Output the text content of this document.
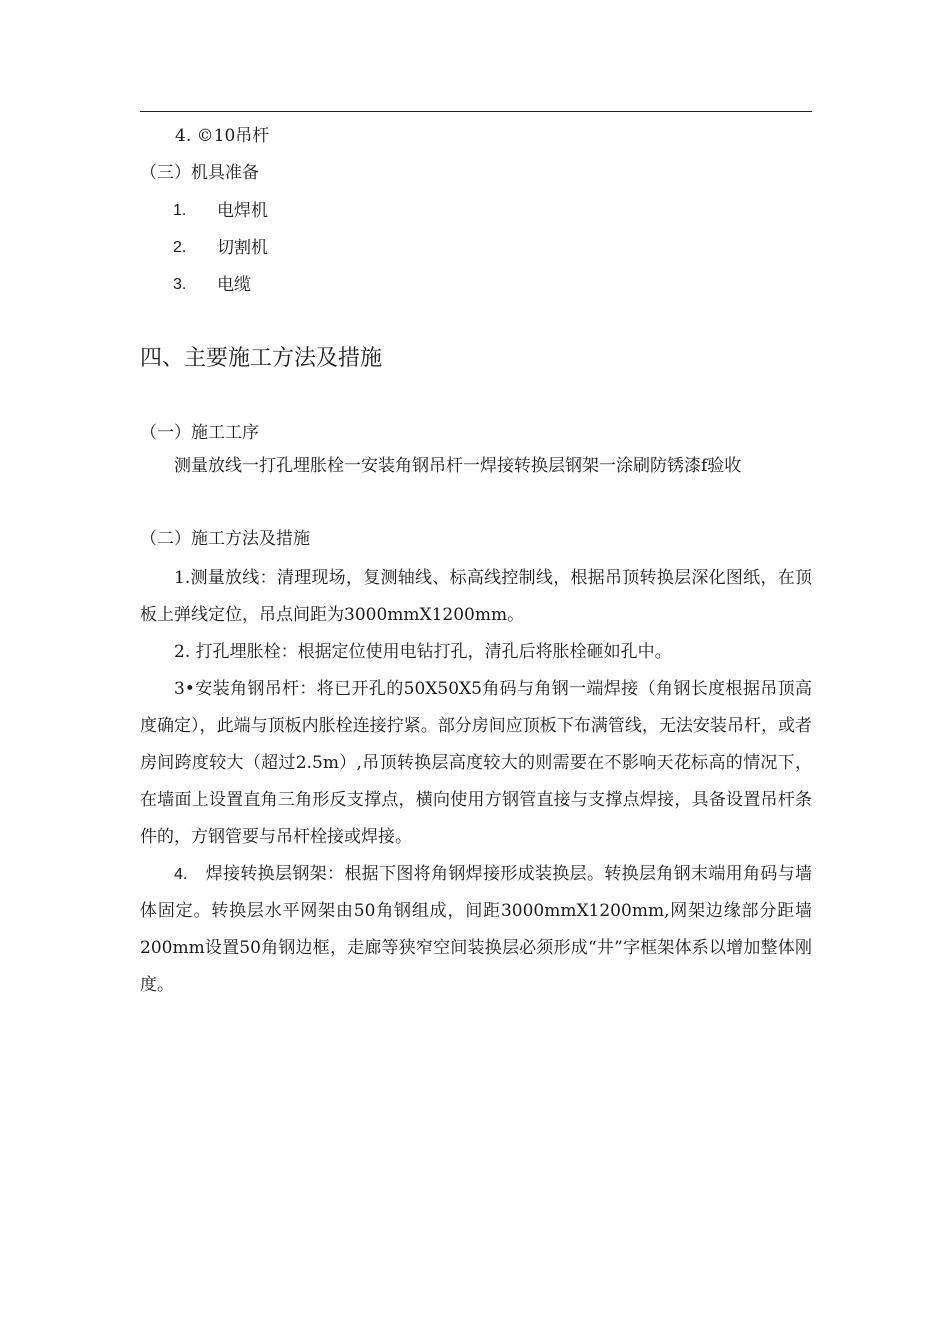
4. ©10吊杆
（三）机具准备
1. 电焊机
2. 切割机
3. 电缆
四、主要施工方法及措施
（一）施工工序
测量放线一打孔埋胀栓一安装角钢吊杆一焊接转换层钢架一涂刷防锈漆f验收
（二）施工方法及措施
1.测量放线：清理现场，复测轴线、标高线控制线，根据吊顶转换层深化图纸，在顶板上弹线定位，吊点间距为3000mmX1200mm。
2. 打孔埋胀栓：根据定位使用电钻打孔，清孔后将胀栓砸如孔中。
3•安装角钢吊杆：将已开孔的50X50X5角码与角钢一端焊接（角钢长度根据吊顶高度确定），此端与顶板内胀栓连接拧紧。部分房间应顶板下布满管线，无法安装吊杆，或者房间跨度较大（超过2.5m）,吊顶转换层高度较大的则需要在不影响天花标高的情况下，在墙面上设置直角三角形反支撑点，横向使用方钢管直接与支撑点焊接，具备设置吊杆条件的，方钢管要与吊杆栓接或焊接。
4. 焊接转换层钢架：根据下图将角钢焊接形成装换层。转换层角钢末端用角码与墙体固定。转换层水平网架由50角钢组成，间距3000mmX1200mm,网架边缘部分距墙200mm设置50角钢边框，走廊等狭窄空间装换层必须形成“井”字框架体系以增加整体刚度。
